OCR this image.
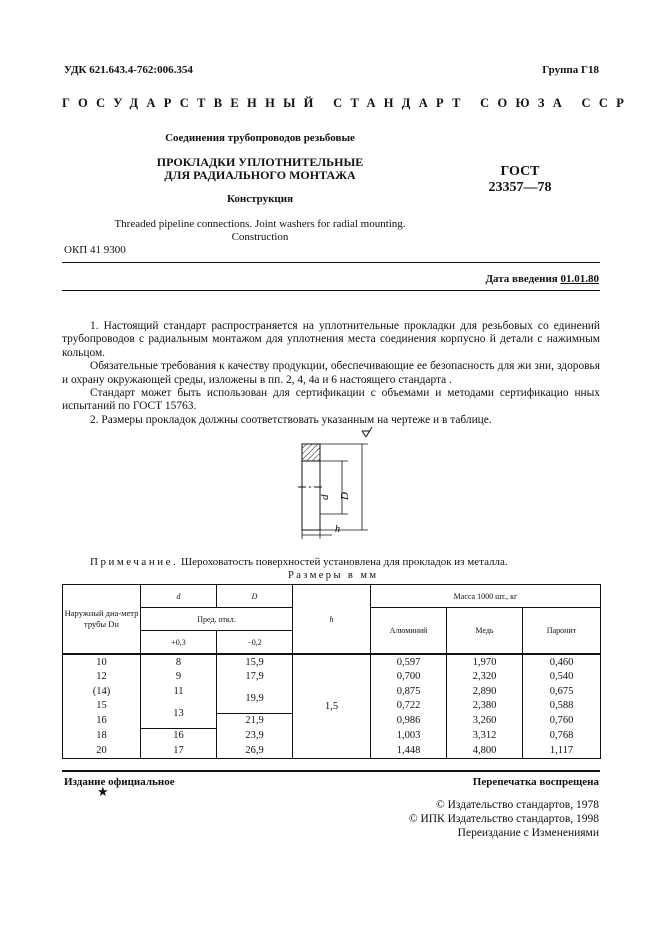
УДК 621.643.4-762:006.354	Группа Г18
ГОСУДАРСТВЕННЫЙ СТАНДАРТ СОЮЗА ССР
Соединения трубопроводов резьбовые
ПРОКЛАДКИ УПЛОТНИТЕЛЬНЫЕ
ДЛЯ РАДИАЛЬНОГО МОНТАЖА
Конструкция
ГОСТ
23357—78
Threaded pipeline connections. Joint washers for radial mounting.
Construction
ОКП 41 9300
Дата введения 01.01.80

1. Настоящий стандарт распространяется на уплотнительные прокладки для резьбовых со единений трубопроводов с радиальным монтажом для уплотнения места соединения корпусно й детали с нажимным кольцом.

Обязательные требования к качеству продукции, обеспечивающие ее безопасность для жи зни, здоровья и охрану окружающей среды, изложены в пп. 2, 4, 4а и 6 настоящего стандарта .

Стандарт может быть использован для сертификации с объемами и методами сертификацио нных испытаний по ГОСТ 15763.

2. Размеры прокладок должны соответствовать указанным на чертеже и в таблице.

d D
h
Примечание. Шероховатость поверхностей установлена для прокладок из металла.
Размеры в мм
Наружный диа-метр трубы Dн	d	D	h	Масса 1000 шт., кг		
	Пред. откл.			Алюминий	Медь	Паронит
	+0,3	−0,2				
10	8	15,9	1,5	0,597	1,970	0,460
12	9	17,9		0,700	2,320	0,540
(14)	11	19,9		0,875	2,890	0,675
15	13			0,722	2,380	0,588
16		21,9		0,986	3,260	0,760
18	16	23,9		1,003	3,312	0,768
20	17	26,9		1,448	4,800	1,117
Издание официальное
★
Перепечатка воспрещена
© Издательство стандартов, 1978
© ИПК Издательство стандартов, 1998
Переиздание с Изменениями
